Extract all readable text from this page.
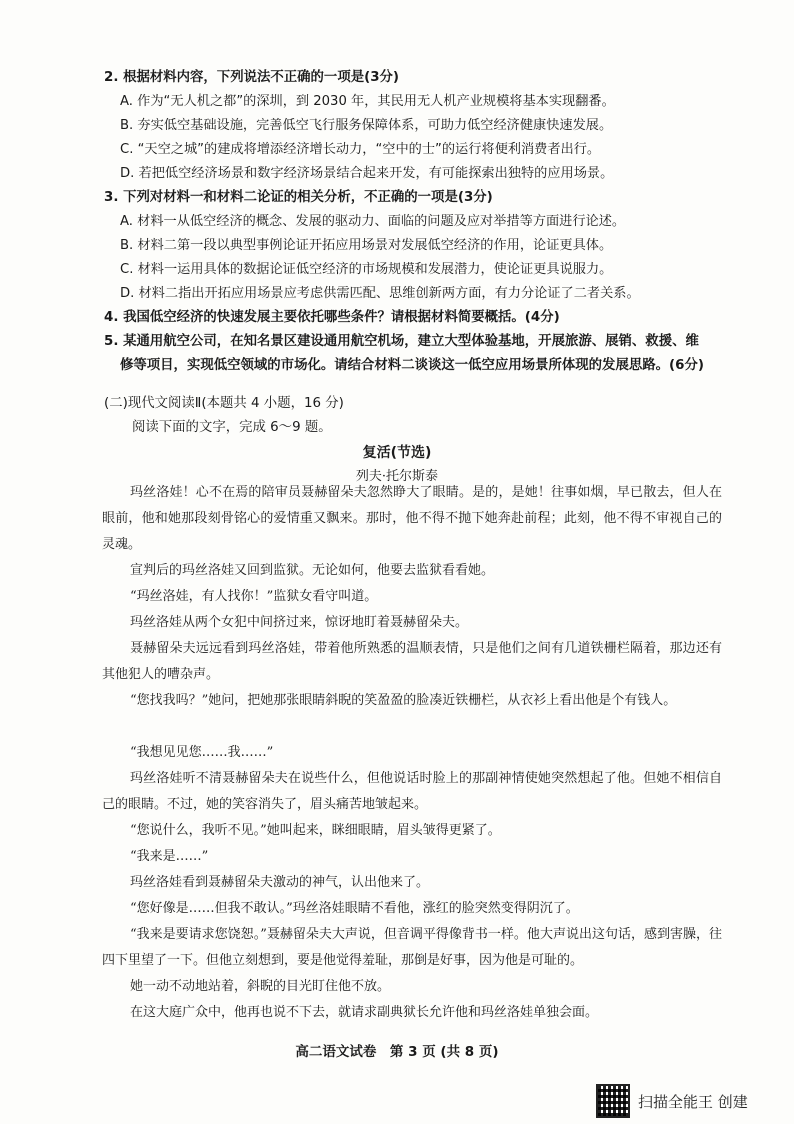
2. 根据材料内容，下列说法不正确的一项是(3分)
A. 作为“无人机之都”的深圳，到 2030 年，其民用无人机产业规模将基本实现翻番。
B. 夯实低空基础设施，完善低空飞行服务保障体系，可助力低空经济健康快速发展。
C. “天空之城”的建成将增添经济增长动力，“空中的士”的运行将便利消费者出行。
D. 若把低空经济场景和数字经济场景结合起来开发，有可能探索出独特的应用场景。
3. 下列对材料一和材料二论证的相关分析，不正确的一项是(3分)
A. 材料一从低空经济的概念、发展的驱动力、面临的问题及应对举措等方面进行论述。
B. 材料二第一段以典型事例论证开拓应用场景对发展低空经济的作用，论证更具体。
C. 材料一运用具体的数据论证低空经济的市场规模和发展潜力，使论证更具说服力。
D. 材料二指出开拓应用场景应考虑供需匹配、思维创新两方面，有力分论证了二者关系。
4. 我国低空经济的快速发展主要依托哪些条件？请根据材料简要概括。(4分)
5. 某通用航空公司，在知名景区建设通用航空机场，建立大型体验基地，开展旅游、展销、救援、维
修等项目，实现低空领域的市场化。请结合材料二谈谈这一低空应用场景所体现的发展思路。(6分)
(二)现代文阅读Ⅱ(本题共 4 小题，16 分)
阅读下面的文字，完成 6～9 题。
复活(节选)
列夫·托尔斯泰
玛丝洛娃！心不在焉的陪审员聂赫留朵夫忽然睁大了眼睛。是的，是她！往事如烟，早已散去，但人在眼前，他和她那段刻骨铭心的爱情重又飘来。那时，他不得不抛下她奔赴前程；此刻，他不得不审视自己的灵魂。
宣判后的玛丝洛娃又回到监狱。无论如何，他要去监狱看看她。
“玛丝洛娃，有人找你！”监狱女看守叫道。
玛丝洛娃从两个女犯中间挤过来，惊讶地盯着聂赫留朵夫。
聂赫留朵夫远远看到玛丝洛娃，带着他所熟悉的温顺表情，只是他们之间有几道铁栅栏隔着，那边还有其他犯人的嘈杂声。
“您找我吗？”她问，把她那张眼睛斜睨的笑盈盈的脸凑近铁栅栏，从衣衫上看出他是个有钱人。
“我想见见您……我……”
玛丝洛娃听不清聂赫留朵夫在说些什么，但他说话时脸上的那副神情使她突然想起了他。但她不相信自己的眼睛。不过，她的笑容消失了，眉头痛苦地皱起来。
“您说什么，我听不见。”她叫起来，眯细眼睛，眉头皱得更紧了。
“我来是……”
玛丝洛娃看到聂赫留朵夫激动的神气，认出他来了。
“您好像是……但我不敢认。”玛丝洛娃眼睛不看他，涨红的脸突然变得阴沉了。
“我来是要请求您饶恕。”聂赫留朵夫大声说，但音调平得像背书一样。他大声说出这句话，感到害臊，往四下里望了一下。但他立刻想到，要是他觉得羞耻，那倒是好事，因为他是可耻的。
她一动不动地站着，斜睨的目光盯住他不放。
在这大庭广众中，他再也说不下去，就请求副典狱长允许他和玛丝洛娃单独会面。
高二语文试卷　第 3 页 (共 8 页)
扫描全能王 创建
